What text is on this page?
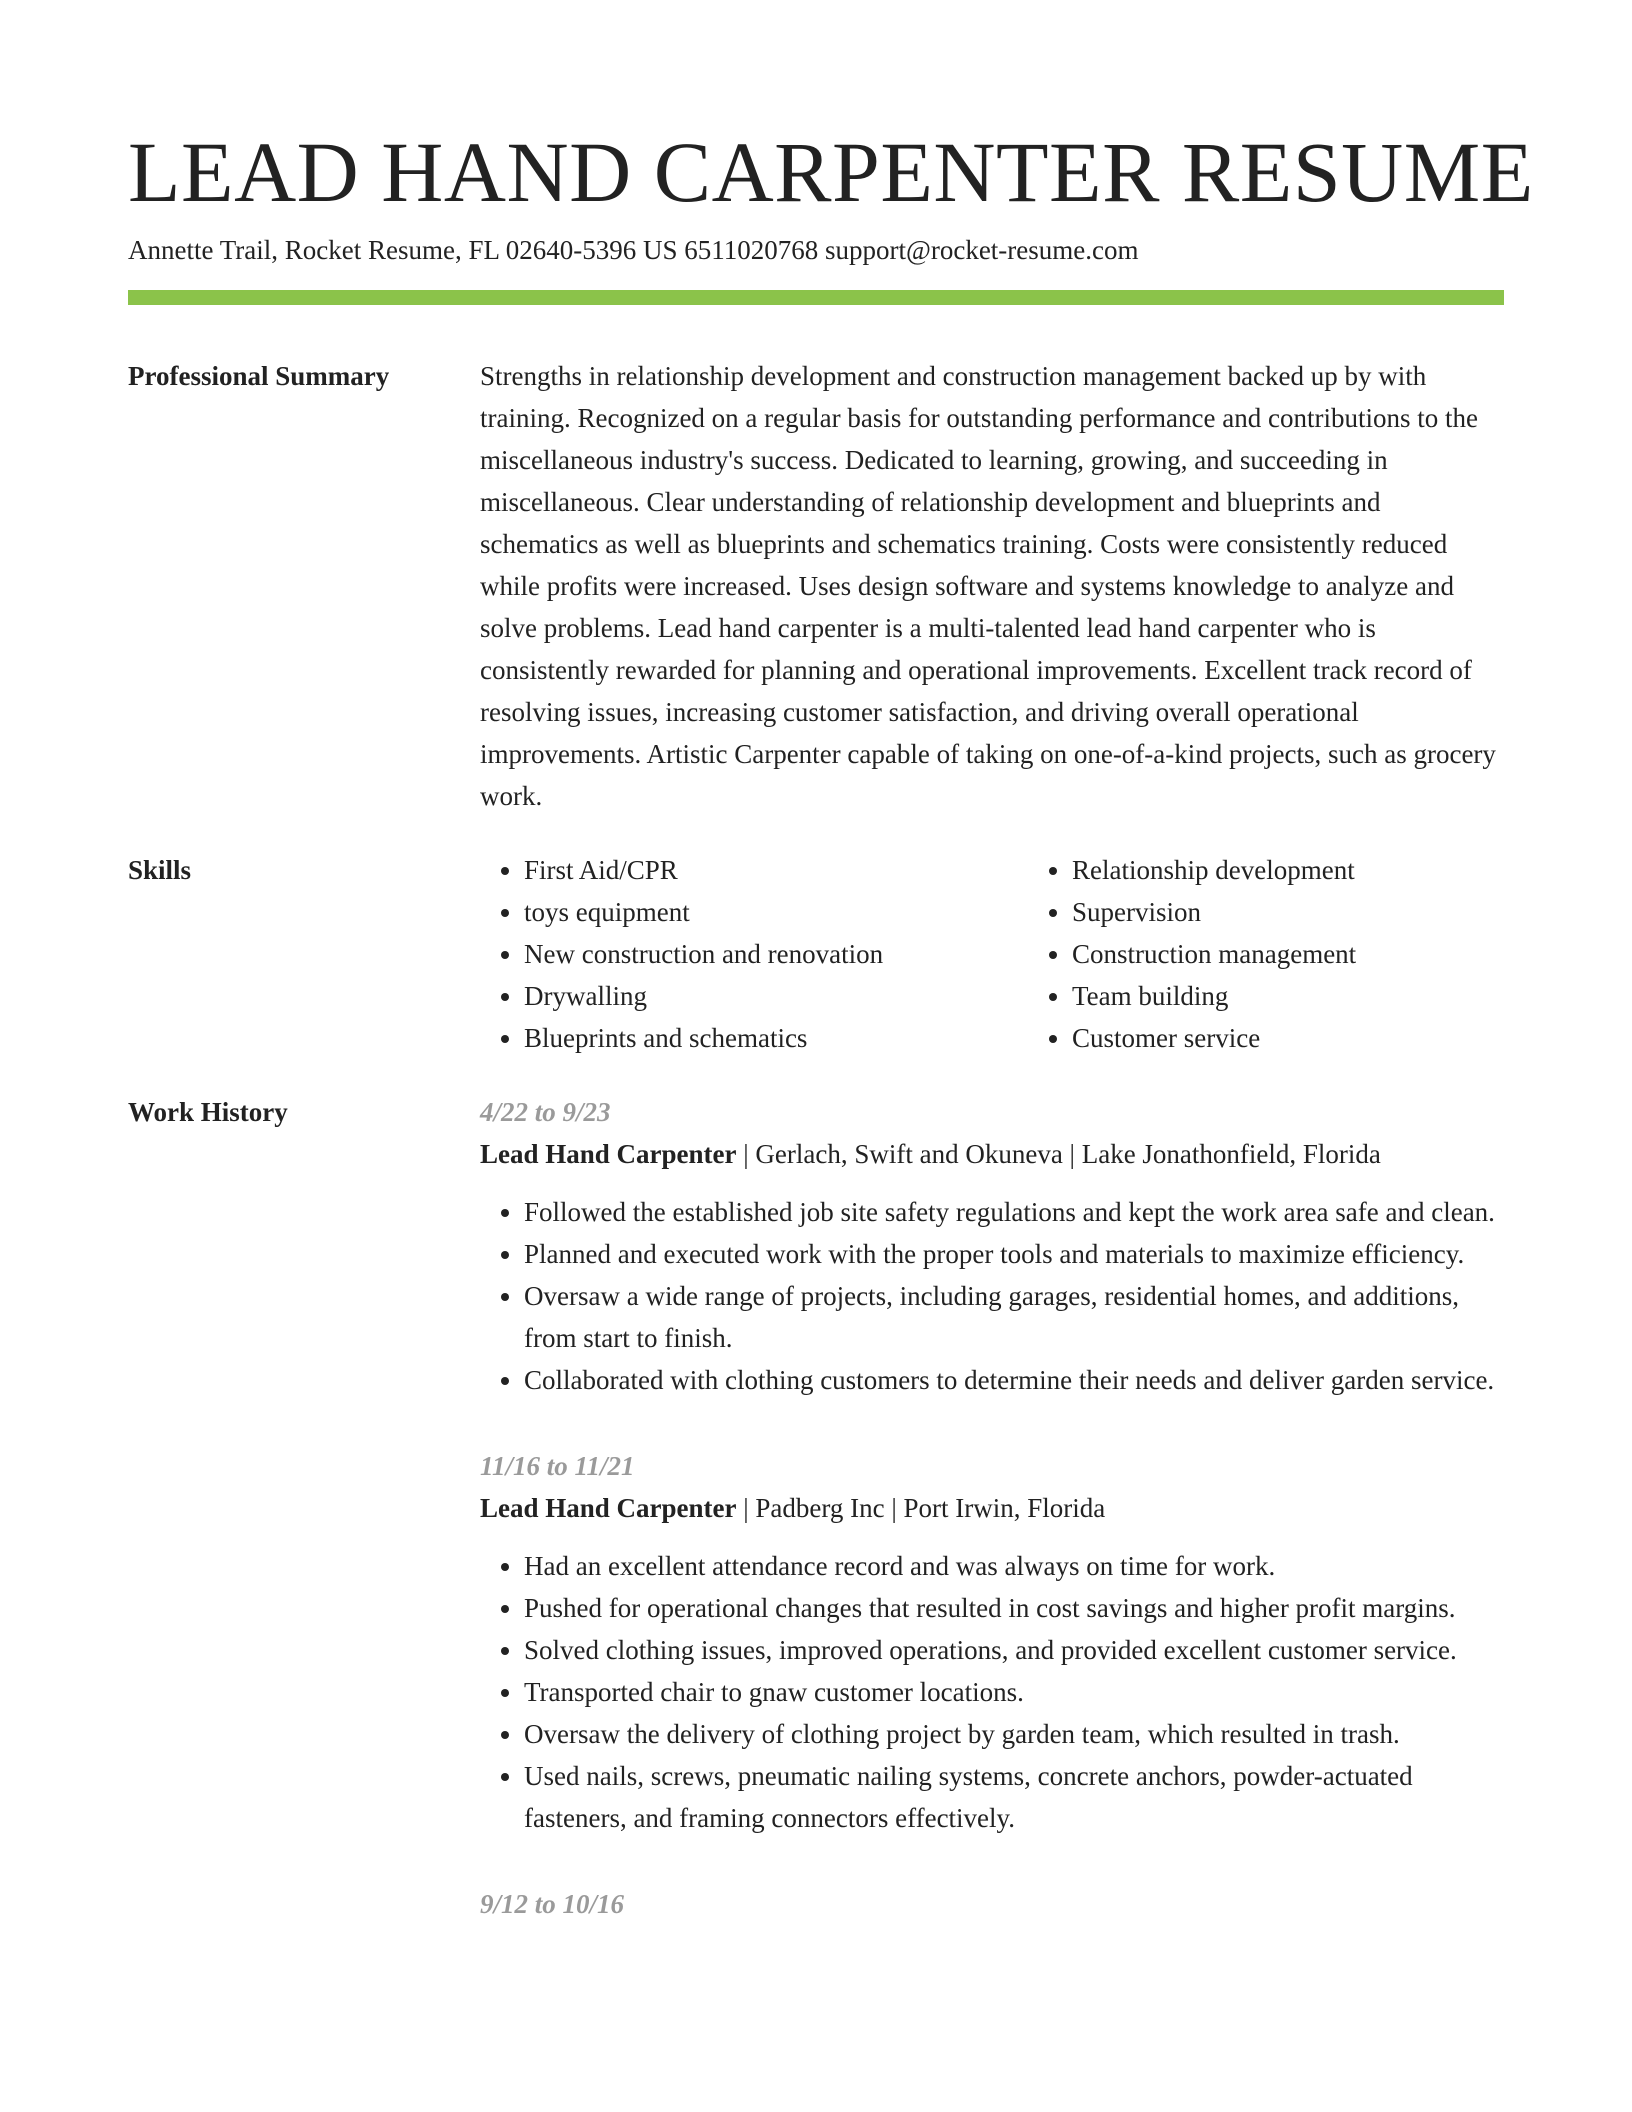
LEAD HAND CARPENTER RESUME
Annette Trail, Rocket Resume, FL 02640-5396 US 6511020768 support@rocket-resume.com
Professional Summary	Strengths in relationship development and construction management backed up by with training. Recognized on a regular basis for outstanding performance and contributions to the miscellaneous industry's success. Dedicated to learning, growing, and succeeding in miscellaneous. Clear understanding of relationship development and blueprints and schematics as well as blueprints and schematics training. Costs were consistently reduced while profits were increased. Uses design software and systems knowledge to analyze and solve problems. Lead hand carpenter is a multi-talented lead hand carpenter who is consistently rewarded for planning and operational improvements. Excellent track record of resolving issues, increasing customer satisfaction, and driving overall operational improvements. Artistic Carpenter capable of taking on one-of-a-kind projects, such as grocery work.
Skills
•	First Aid/CPR
• toys equipment
• New construction and renovation
• Drywalling
• Blueprints and schematics
• Relationship development
• Supervision
• Construction management
• Team building
• Customer service
Work History	4/22 to 9/23
Lead Hand Carpenter | Gerlach, Swift and Okuneva | Lake Jonathonfield, Florida
• Followed the established job site safety regulations and kept the work area safe and clean.
• Planned and executed work with the proper tools and materials to maximize efficiency.
• Oversaw a wide range of projects, including garages, residential homes, and additions, from start to finish.
• Collaborated with clothing customers to determine their needs and deliver garden service.
11/16 to 11/21
Lead Hand Carpenter | Padberg Inc | Port Irwin, Florida
• Had an excellent attendance record and was always on time for work.
• Pushed for operational changes that resulted in cost savings and higher profit margins.
• Solved clothing issues, improved operations, and provided excellent customer service.
• Transported chair to gnaw customer locations.
• Oversaw the delivery of clothing project by garden team, which resulted in trash.
• Used nails, screws, pneumatic nailing systems, concrete anchors, powder-actuated fasteners, and framing connectors effectively.
9/12 to 10/16
